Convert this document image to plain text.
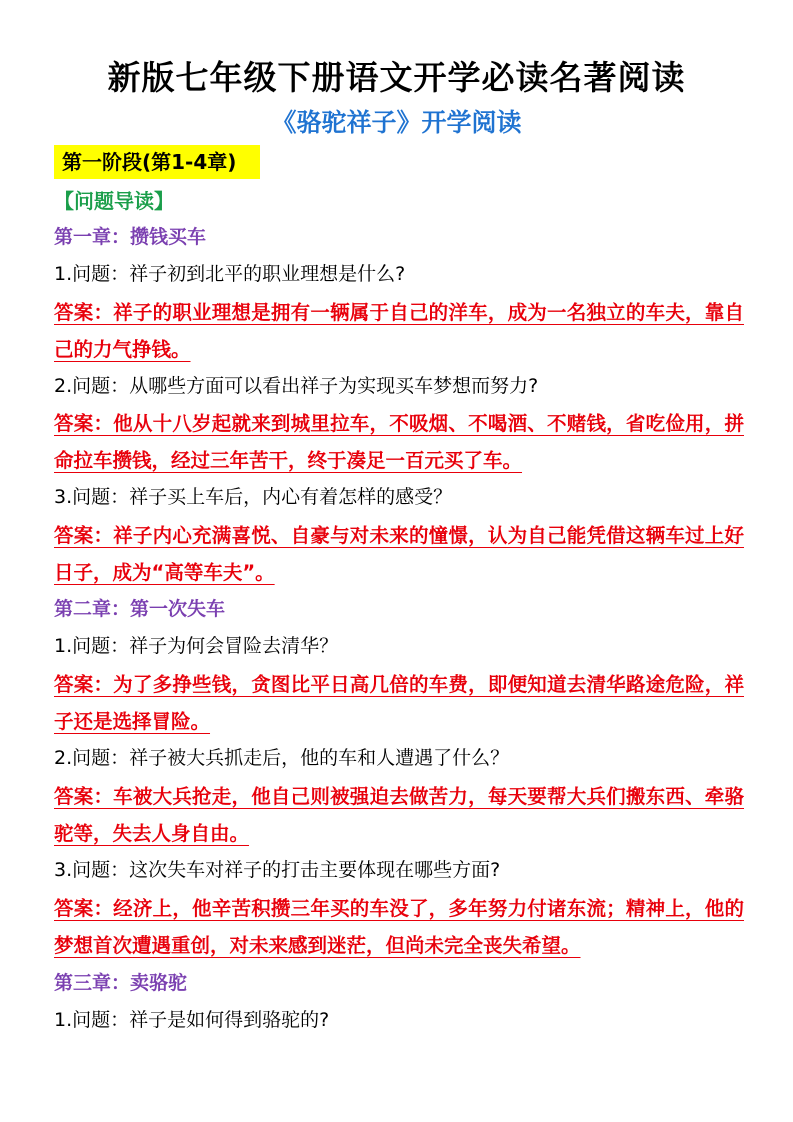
新版七年级下册语文开学必读名著阅读
《骆驼祥子》开学阅读
第一阶段(第1-4章)
【问题导读】
第一章：攒钱买车
1.问题：祥子初到北平的职业理想是什么?
答案：祥子的职业理想是拥有一辆属于自己的洋车，成为一名独立的车夫，靠自己的力气挣钱。
2.问题：从哪些方面可以看出祥子为实现买车梦想而努力?
答案：他从十八岁起就来到城里拉车，不吸烟、不喝酒、不赌钱，省吃俭用，拼命拉车攒钱，经过三年苦干，终于凑足一百元买了车。
3.问题：祥子买上车后，内心有着怎样的感受？
答案：祥子内心充满喜悦、自豪与对未来的憧憬，认为自己能凭借这辆车过上好日子，成为“高等车夫”。
第二章：第一次失车
1.问题：祥子为何会冒险去清华？
答案：为了多挣些钱，贪图比平日高几倍的车费，即便知道去清华路途危险，祥子还是选择冒险。
2.问题：祥子被大兵抓走后，他的车和人遭遇了什么？
答案：车被大兵抢走，他自己则被强迫去做苦力，每天要帮大兵们搬东西、牵骆驼等，失去人身自由。
3.问题：这次失车对祥子的打击主要体现在哪些方面?
答案：经济上，他辛苦积攒三年买的车没了，多年努力付诸东流；精神上，他的梦想首次遭遇重创，对未来感到迷茫，但尚未完全丧失希望。
第三章：卖骆驼
1.问题：祥子是如何得到骆驼的?
